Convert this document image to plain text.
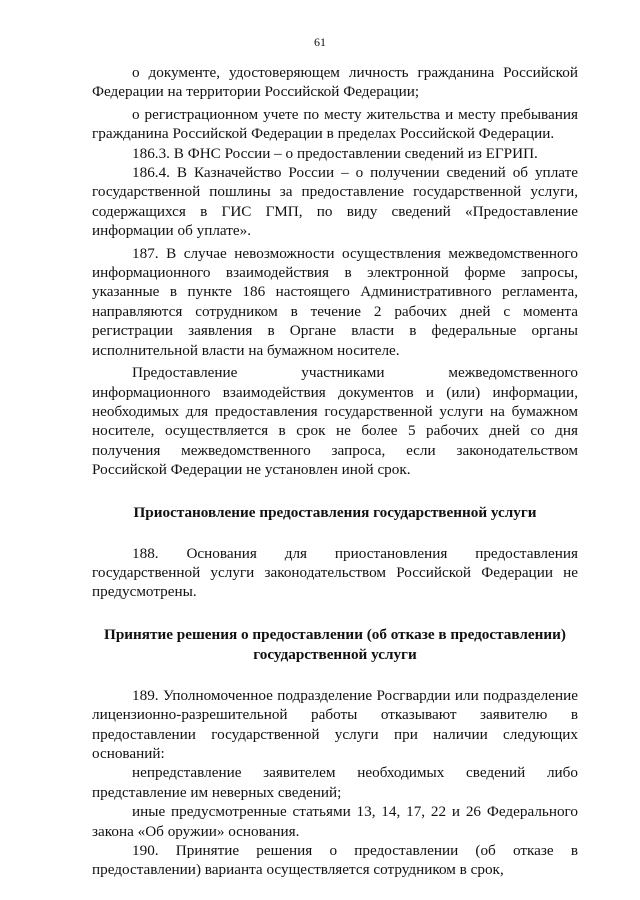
61

о документе, удостоверяющем личность гражданина Российской Федерации на территории Российской Федерации;

о регистрационном учете по месту жительства и месту пребывания гражданина Российской Федерации в пределах Российской Федерации.

186.3. В ФНС России – о предоставлении сведений из ЕГРИП.

186.4. В Казначейство России – о получении сведений об уплате государственной пошлины за предоставление государственной услуги, содержащихся в ГИС ГМП, по виду сведений «Предоставление информации об уплате».

187. В случае невозможности осуществления межведомственного информационного взаимодействия в электронной форме запросы, указанные в пункте 186 настоящего Административного регламента, направляются сотрудником в течение 2 рабочих дней с момента регистрации заявления в Органе власти в федеральные органы исполнительной власти на бумажном носителе.

Предоставление участниками межведомственного информационного взаимодействия документов и (или) информации, необходимых для предоставления государственной услуги на бумажном носителе, осуществляется в срок не более 5 рабочих дней со дня получения межведомственного запроса, если законодательством Российской Федерации не установлен иной срок.

Приостановление предоставления государственной услуги

188. Основания для приостановления предоставления государственной услуги законодательством Российской Федерации не предусмотрены.

Принятие решения о предоставлении (об отказе в предоставлении) государственной услуги

189. Уполномоченное подразделение Росгвардии или подразделение лицензионно-разрешительной работы отказывают заявителю в предоставлении государственной услуги при наличии следующих оснований:

непредставление заявителем необходимых сведений либо представление им неверных сведений;

иные предусмотренные статьями 13, 14, 17, 22 и 26 Федерального закона «Об оружии» основания.

190. Принятие решения о предоставлении (об отказе в предоставлении) варианта осуществляется сотрудником в срок,
